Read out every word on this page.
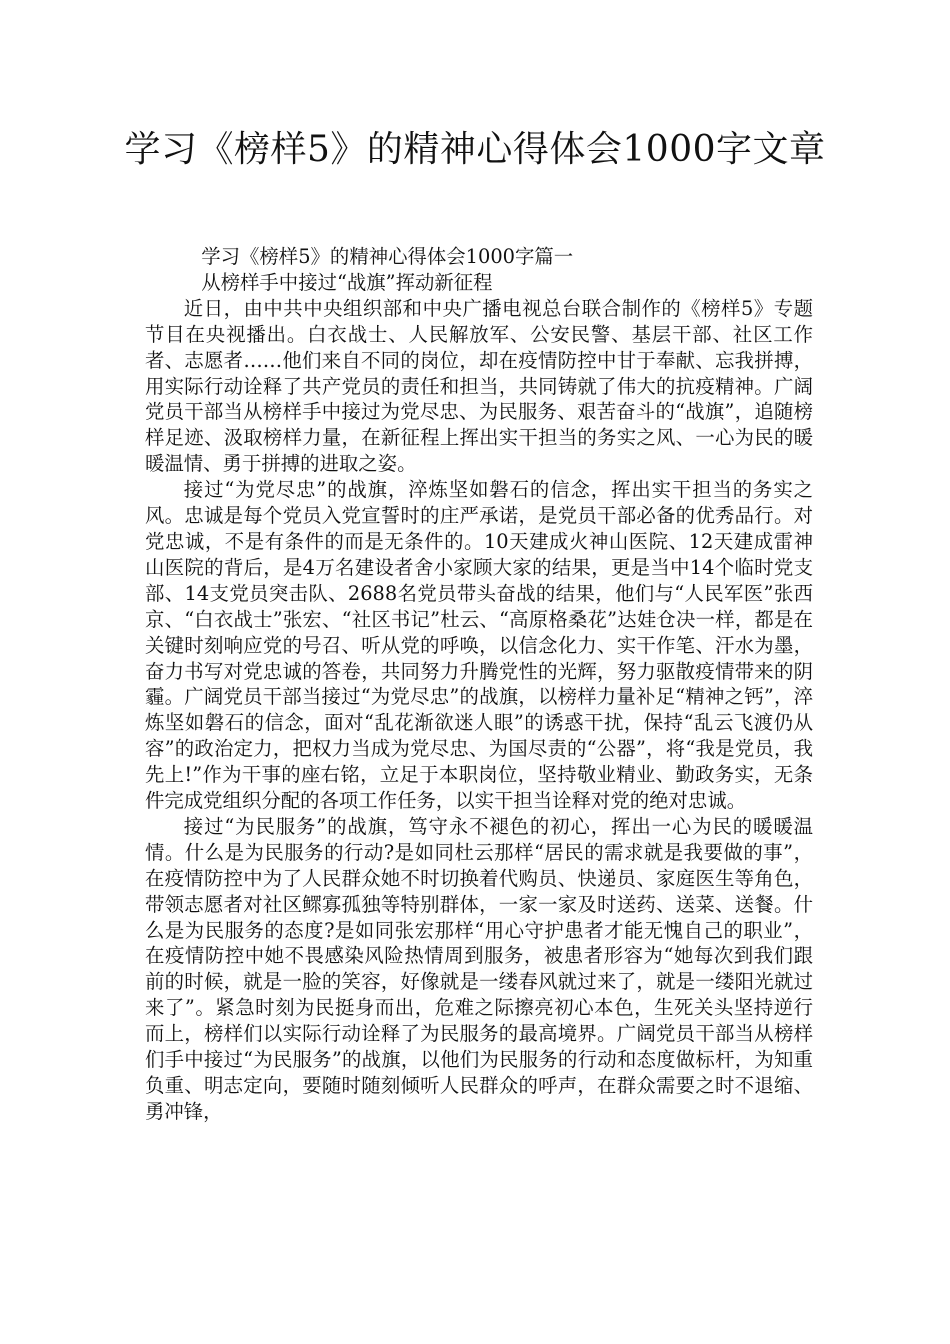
学习《榜样5》的精神心得体会1000字文章

学习《榜样5》的精神心得体会1000字篇一

从榜样手中接过“战旗”挥动新征程

近日，由中共中央组织部和中央广播电视总台联合制作的《榜样5》专题节目在央视播出。白衣战士、人民解放军、公安民警、基层干部、社区工作者、志愿者……他们来自不同的岗位，却在疫情防控中甘于奉献、忘我拼搏，用实际行动诠释了共产党员的责任和担当，共同铸就了伟大的抗疫精神。广阔党员干部当从榜样手中接过为党尽忠、为民服务、艰苦奋斗的“战旗”，追随榜样足迹、汲取榜样力量，在新征程上挥出实干担当的务实之风、一心为民的暖暖温情、勇于拼搏的进取之姿。

接过“为党尽忠”的战旗，淬炼坚如磐石的信念，挥出实干担当的务实之风。忠诚是每个党员入党宣誓时的庄严承诺，是党员干部必备的优秀品行。对党忠诚，不是有条件的而是无条件的。10天建成火神山医院、12天建成雷神山医院的背后，是4万名建设者舍小家顾大家的结果，更是当中14个临时党支部、14支党员突击队、2688名党员带头奋战的结果，他们与“人民军医”张西京、“白衣战士”张宏、“社区书记”杜云、“高原格桑花”达娃仓决一样，都是在关键时刻响应党的号召、听从党的呼唤，以信念化力、实干作笔、汗水为墨，奋力书写对党忠诚的答卷，共同努力升腾党性的光辉，努力驱散疫情带来的阴霾。广阔党员干部当接过“为党尽忠”的战旗，以榜样力量补足“精神之钙”，淬炼坚如磐石的信念，面对“乱花渐欲迷人眼”的诱惑干扰，保持“乱云飞渡仍从容”的政治定力，把权力当成为党尽忠、为国尽责的“公器”，将“我是党员，我先上!”作为干事的座右铭，立足于本职岗位，坚持敬业精业、勤政务实，无条件完成党组织分配的各项工作任务，以实干担当诠释对党的绝对忠诚。

接过“为民服务”的战旗，笃守永不褪色的初心，挥出一心为民的暖暖温情。什么是为民服务的行动?是如同杜云那样“居民的需求就是我要做的事”，在疫情防控中为了人民群众她不时切换着代购员、快递员、家庭医生等角色，带领志愿者对社区鳏寡孤独等特别群体，一家一家及时送药、送菜、送餐。什么是为民服务的态度?是如同张宏那样“用心守护患者才能无愧自己的职业”，在疫情防控中她不畏感染风险热情周到服务，被患者形容为“她每次到我们跟前的时候，就是一脸的笑容，好像就是一缕春风就过来了，就是一缕阳光就过来了”。紧急时刻为民挺身而出，危难之际擦亮初心本色，生死关头坚持逆行而上，榜样们以实际行动诠释了为民服务的最高境界。广阔党员干部当从榜样们手中接过“为民服务”的战旗，以他们为民服务的行动和态度做标杆，为知重负重、明志定向，要随时随刻倾听人民群众的呼声，在群众需要之时不退缩、勇冲锋，
